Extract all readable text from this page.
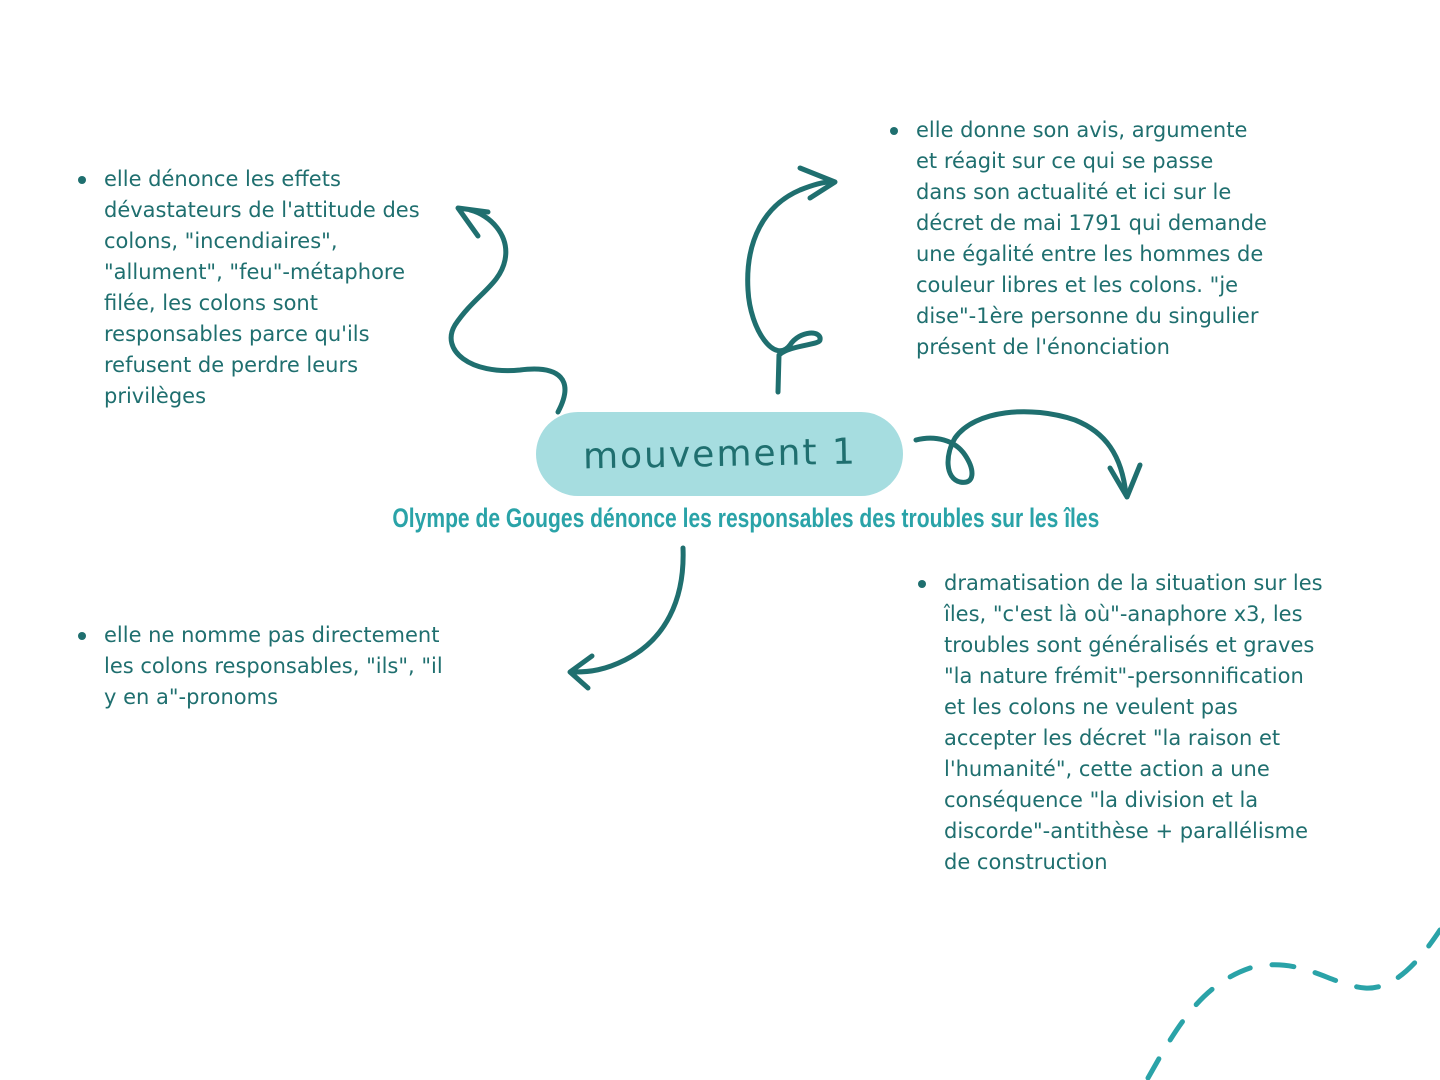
elle dénonce les effets dévastateurs de l'attitude des colons, "incendiaires", "allument", "feu"-métaphore filée, les colons sont responsables parce qu'ils refusent de perdre leurs privilèges
elle donne son avis, argumente et réagit sur ce qui se passe dans son actualité et ici sur le décret de mai 1791 qui demande une égalité entre les hommes de couleur libres et les colons. "je dise"-1ère personne du singulier présent de l'énonciation
mouvement 1
Olympe de Gouges dénonce les responsables des troubles sur les îles
elle ne nomme pas directement les colons responsables, "ils", "il y en a"-pronoms
dramatisation de la situation sur les îles, "c'est là où"-anaphore x3, les troubles sont généralisés et graves "la nature frémit"-personnification et les colons ne veulent pas accepter les décret "la raison et l'humanité", cette action a une conséquence "la division et la discorde"-antithèse + parallélisme de construction
